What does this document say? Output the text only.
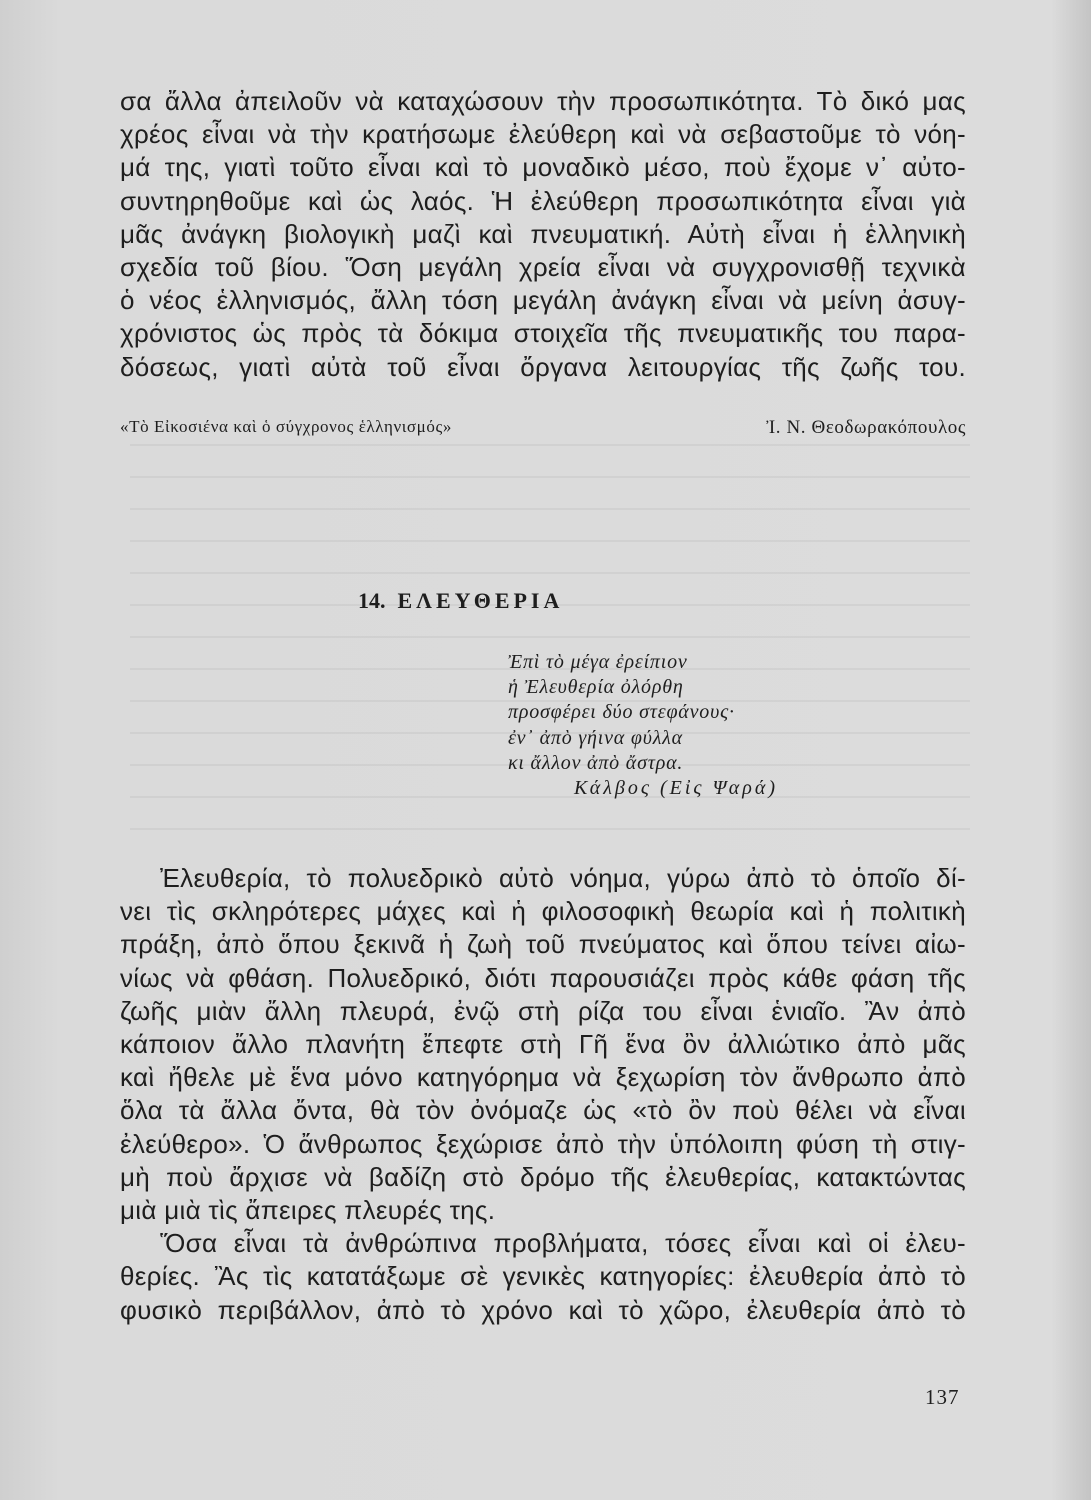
σα ἄλλα ἀπειλοῦν νὰ καταχώσουν τὴν προσωπικότητα. Τὸ δικό μας
χρέος εἶναι νὰ τὴν κρατήσωμε ἐλεύθερη καὶ νὰ σεβαστοῦμε τὸ νόη-
μά της, γιατὶ τοῦτο εἶναι καὶ τὸ μοναδικὸ μέσο, ποὺ ἔχομε ν᾿ αὐτο-
συντηρηθοῦμε καὶ ὡς λαός. Ἡ ἐλεύθερη προσωπικότητα εἶναι γιὰ
μᾶς ἀνάγκη βιολογικὴ μαζὶ καὶ πνευματική. Αὐτὴ εἶναι ἡ ἑλληνικὴ
σχεδία τοῦ βίου. Ὅση μεγάλη χρεία εἶναι νὰ συγχρονισθῇ τεχνικὰ
ὁ νέος ἑλληνισμός, ἄλλη τόση μεγάλη ἀνάγκη εἶναι νὰ μείνη ἀσυγ-
χρόνιστος ὡς πρὸς τὰ δόκιμα στοιχεῖα τῆς πνευματικῆς του παρα-
δόσεως, γιατὶ αὐτὰ τοῦ εἶναι ὄργανα λειτουργίας τῆς ζωῆς του.
«Τὸ Εἰκοσιένα καὶ ὁ σύγχρονος ἑλληνισμός»	Ἰ. Ν. Θεοδωρακόπουλος
14. ΕΛΕΥΘΕΡΙΑ
Ἐπὶ τὸ μέγα ἐρείπιον
ἡ Ἐλευθερία ὀλόρθη
προσφέρει δύο στεφάνους·
ἐν᾿ ἀπὸ γήινα φύλλα
κι ἄλλον ἀπὸ ἄστρα.
Κάλβος (Εἰς Ψαρά)
Ἐλευθερία, τὸ πολυεδρικὸ αὐτὸ νόημα, γύρω ἀπὸ τὸ ὁποῖο δί-
νει τὶς σκληρότερες μάχες καὶ ἡ φιλοσοφικὴ θεωρία καὶ ἡ πολιτικὴ
πράξη, ἀπὸ ὅπου ξεκινᾶ ἡ ζωὴ τοῦ πνεύματος καὶ ὅπου τείνει αἰω-
νίως νὰ φθάση. Πολυεδρικό, διότι παρουσιάζει πρὸς κάθε φάση τῆς
ζωῆς μιὰν ἄλλη πλευρά, ἐνῷ στὴ ρίζα του εἶναι ἑνιαῖο. Ἂν ἀπὸ
κάποιον ἄλλο πλανήτη ἔπεφτε στὴ Γῆ ἕνα ὂν ἀλλιώτικο ἀπὸ μᾶς
καὶ ἤθελε μὲ ἕνα μόνο κατηγόρημα νὰ ξεχωρίση τὸν ἄνθρωπο ἀπὸ
ὅλα τὰ ἄλλα ὄντα, θὰ τὸν ὀνόμαζε ὡς «τὸ ὂν ποὺ θέλει νὰ εἶναι
ἐλεύθερο». Ὁ ἄνθρωπος ξεχώρισε ἀπὸ τὴν ὑπόλοιπη φύση τὴ στιγ-
μὴ ποὺ ἄρχισε νὰ βαδίζη στὸ δρόμο τῆς ἐλευθερίας, κατακτώντας
μιὰ μιὰ τὶς ἄπειρες πλευρές της.
Ὅσα εἶναι τὰ ἀνθρώπινα προβλήματα, τόσες εἶναι καὶ οἱ ἐλευ-
θερίες. Ἂς τὶς κατατάξωμε σὲ γενικὲς κατηγορίες: ἐλευθερία ἀπὸ τὸ
φυσικὸ περιβάλλον, ἀπὸ τὸ χρόνο καὶ τὸ χῶρο, ἐλευθερία ἀπὸ τὸ
137
